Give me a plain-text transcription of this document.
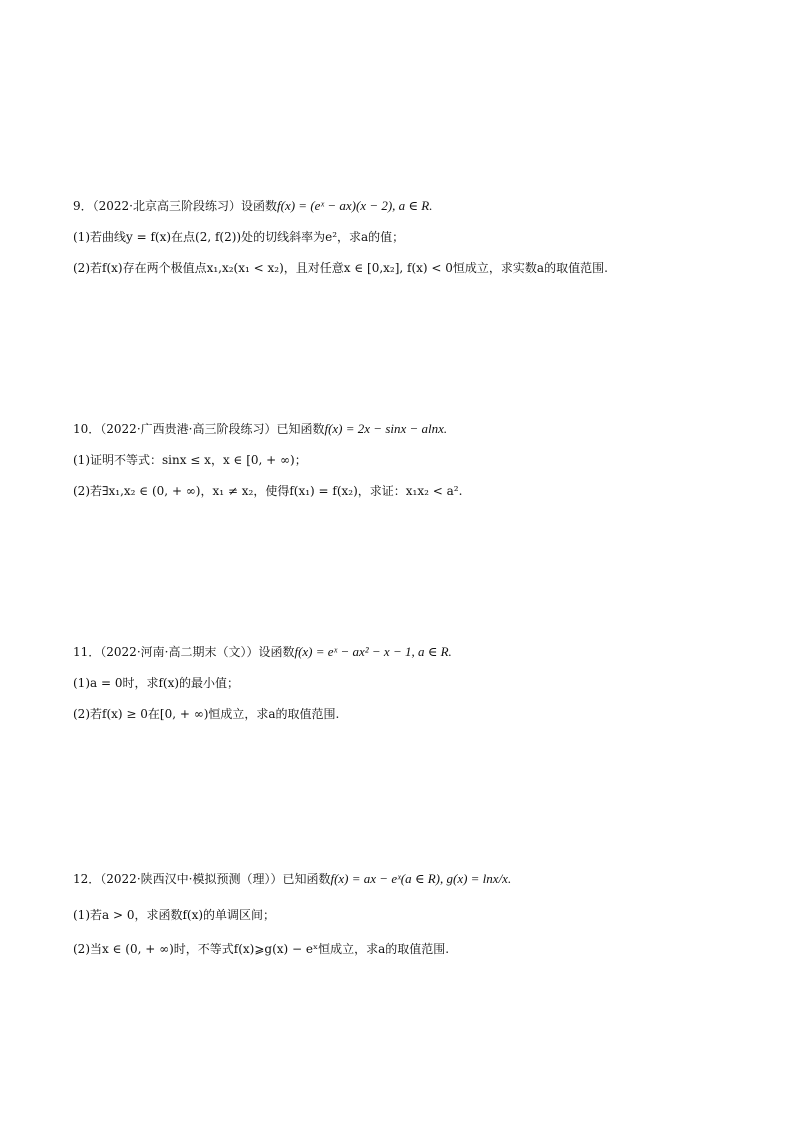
9．（2022·北京高三阶段练习）设函数f(x) = (eˣ − ax)(x − 2), a ∈ R.

(1)若曲线y = f(x)在点(2, f(2))处的切线斜率为e²，求a的值；

(2)若f(x)存在两个极值点x₁,x₂(x₁ < x₂)，且对任意x ∈ [0,x₂], f(x) < 0恒成立，求实数a的取值范围.

10．（2022·广西贵港·高三阶段练习）已知函数f(x) = 2x − sinx − alnx.

(1)证明不等式：sinx ≤ x，x ∈ [0, + ∞)；

(2)若∃x₁,x₂ ∈ (0, + ∞)，x₁ ≠ x₂，使得f(x₁) = f(x₂)，求证：x₁x₂ < a².

11．（2022·河南·高二期末（文））设函数f(x) = eˣ − ax² − x − 1, a ∈ R.

(1)a = 0时，求f(x)的最小值；

(2)若f(x) ≥ 0在[0, + ∞)恒成立，求a的取值范围.

12．（2022·陕西汉中·模拟预测（理））已知函数f(x) = ax − eˣ(a ∈ R), g(x) = lnx/x.

(1)若a > 0，求函数f(x)的单调区间；

(2)当x ∈ (0, + ∞)时，不等式f(x)⩾g(x) − eˣ恒成立，求a的取值范围.
